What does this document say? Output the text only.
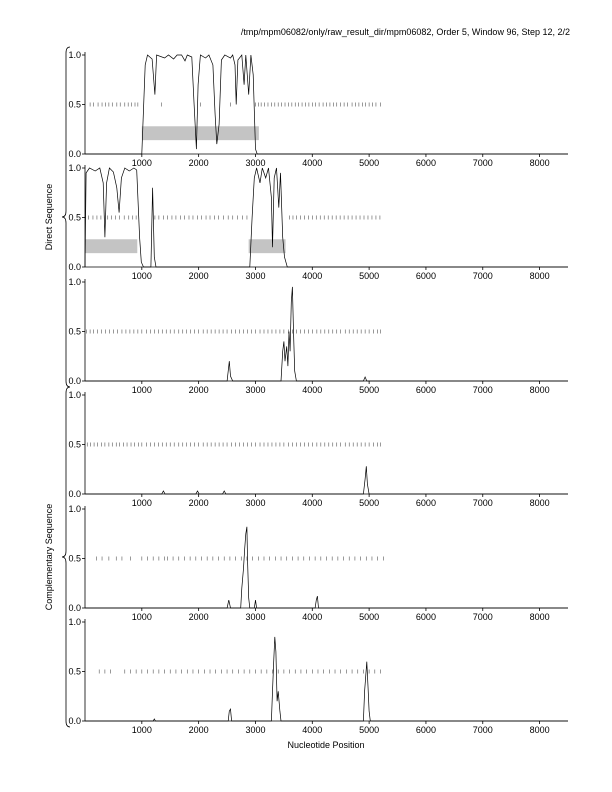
/tmp/mpm06082/only/raw_result_dir/mpm06082, Order 5, Window 96, Step 12, 2/2
0.0
0.5
1.0
1000	2000	3000	4000	5000	6000	7000	8000
0.0
0.5
1.0
1000	2000	3000	4000	5000	6000	7000	8000
0.0
0.5
1.0
1000	2000	3000	4000	5000	6000	7000	8000
0.0
0.5
1.0
1000	2000	3000	4000	5000	6000	7000	8000
0.0
0.5
1.0
1000	2000	3000	4000	5000	6000	7000	8000
0.0
0.5
1.0
1000	2000	3000	4000	5000	6000	7000	8000
Direct Sequence
Complementary Sequence
Nucleotide Position
